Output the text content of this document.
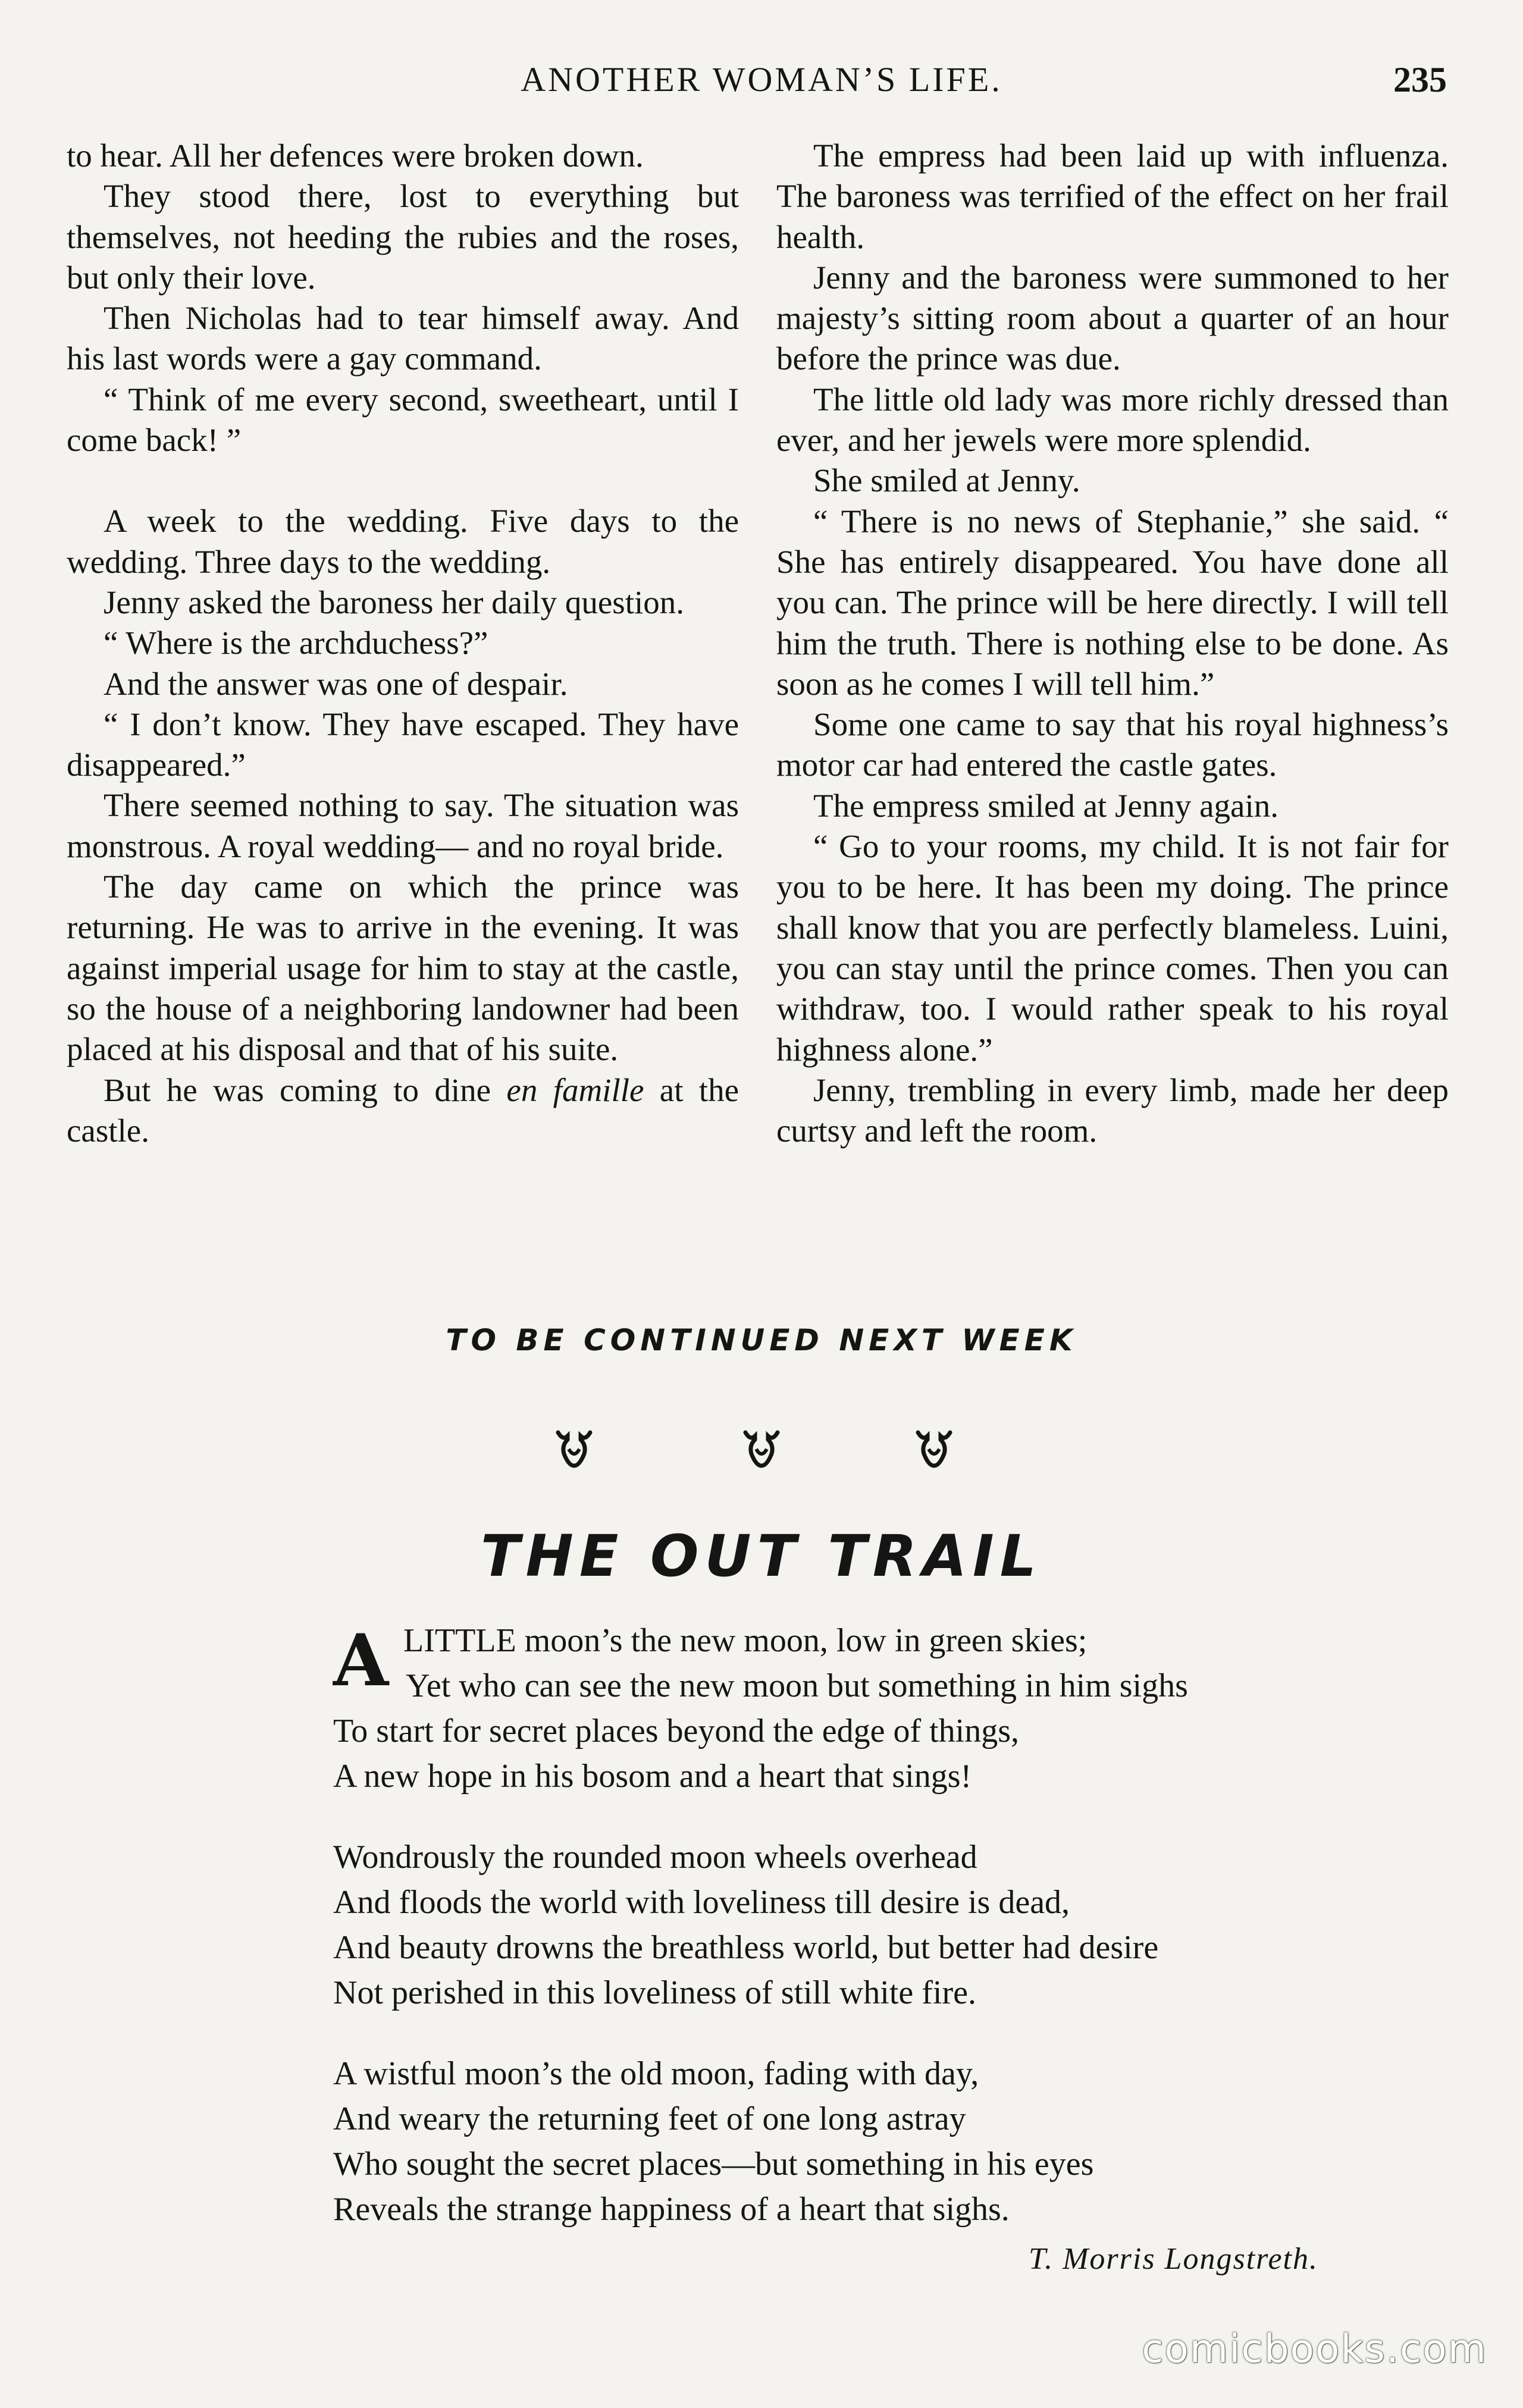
ANOTHER WOMAN’S LIFE.	235

to hear. All her defences were broken down.

They stood there, lost to everything but themselves, not heeding the rubies and the roses, but only their love.

Then Nicholas had to tear himself away. And his last words were a gay command.

“ Think of me every second, sweetheart, until I come back! ”

A week to the wedding. Five days to the wedding. Three days to the wedding.

Jenny asked the baroness her daily question.

“ Where is the archduchess?”

And the answer was one of despair.

“ I don’t know. They have escaped. They have disappeared.”

There seemed nothing to say. The situation was monstrous. A royal wedding— and no royal bride.

The day came on which the prince was returning. He was to arrive in the evening. It was against imperial usage for him to stay at the castle, so the house of a neighboring landowner had been placed at his disposal and that of his suite.

But he was coming to dine en famille at the castle.

The empress had been laid up with influenza. The baroness was terrified of the effect on her frail health.

Jenny and the baroness were summoned to her majesty’s sitting room about a quarter of an hour before the prince was due.

The little old lady was more richly dressed than ever, and her jewels were more splendid.

She smiled at Jenny.

“ There is no news of Stephanie,” she said. “ She has entirely disappeared. You have done all you can. The prince will be here directly. I will tell him the truth. There is nothing else to be done. As soon as he comes I will tell him.”

Some one came to say that his royal highness’s motor car had entered the castle gates.

The empress smiled at Jenny again.

“ Go to your rooms, my child. It is not fair for you to be here. It has been my doing. The prince shall know that you are perfectly blameless. Luini, you can stay until the prince comes. Then you can withdraw, too. I would rather speak to his royal highness alone.”

Jenny, trembling in every limb, made her deep curtsy and left the room.

TO BE CONTINUED NEXT WEEK
THE OUT TRAIL
A LITTLE moon’s the new moon, low in green skies;
Yet who can see the new moon but something in him sighs
To start for secret places beyond the edge of things,
A new hope in his bosom and a heart that sings!
Wondrously the rounded moon wheels overhead
And floods the world with loveliness till desire is dead,
And beauty drowns the breathless world, but better had desire
Not perished in this loveliness of still white fire.
A wistful moon’s the old moon, fading with day,
And weary the returning feet of one long astray
Who sought the secret places—but something in his eyes
Reveals the strange happiness of a heart that sighs.
T. Morris Longstreth.
comicbooks.com
